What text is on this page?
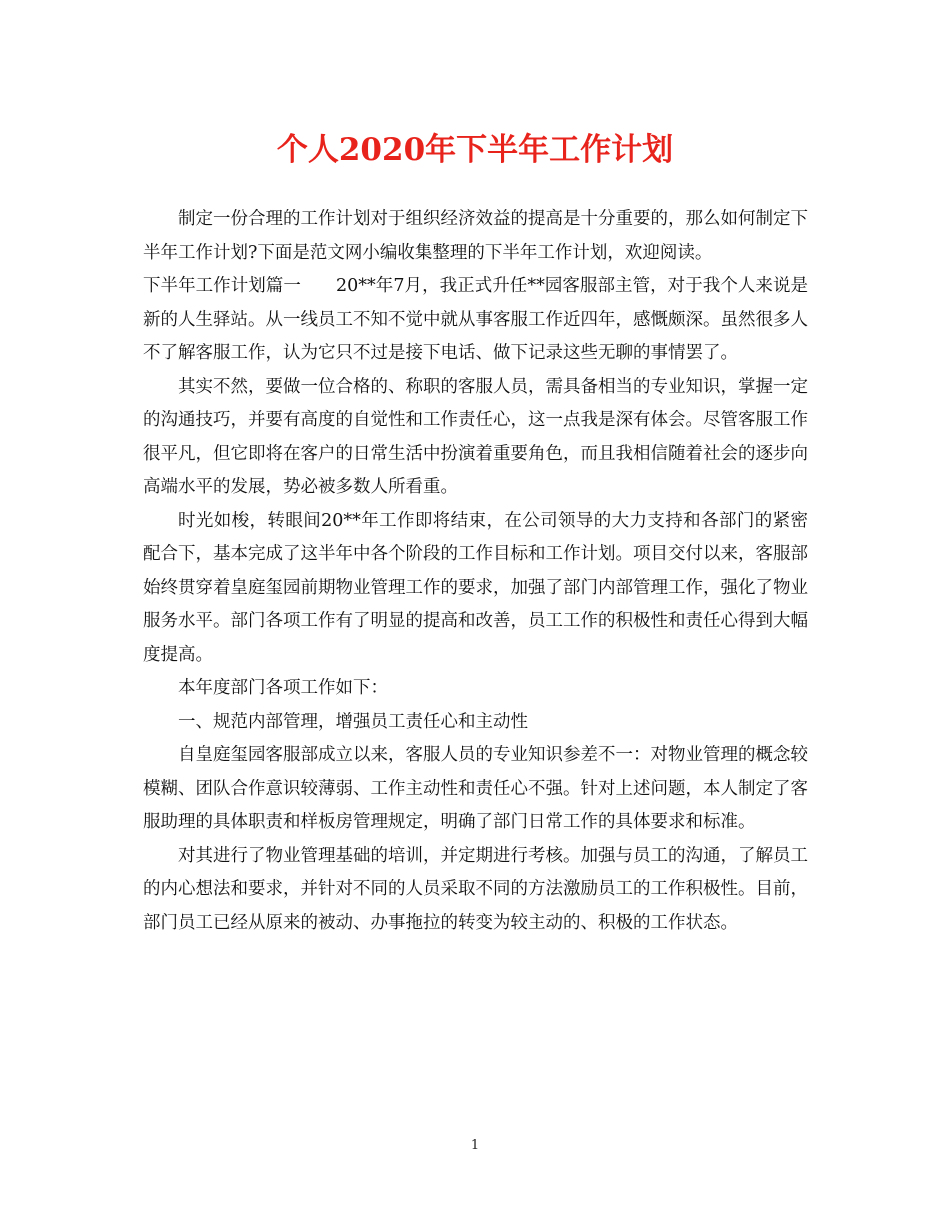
个人2020年下半年工作计划

制定一份合理的工作计划对于组织经济效益的提高是十分重要的，那么如何制定下半年工作计划?下面是范文网小编收集整理的下半年工作计划，欢迎阅读。

下半年工作计划篇一　　20**年7月，我正式升任**园客服部主管，对于我个人来说是新的人生驿站。从一线员工不知不觉中就从事客服工作近四年，感慨颇深。虽然很多人不了解客服工作，认为它只不过是接下电话、做下记录这些无聊的事情罢了。

其实不然，要做一位合格的、称职的客服人员，需具备相当的专业知识，掌握一定的沟通技巧，并要有高度的自觉性和工作责任心，这一点我是深有体会。尽管客服工作很平凡，但它即将在客户的日常生活中扮演着重要角色，而且我相信随着社会的逐步向高端水平的发展，势必被多数人所看重。

时光如梭，转眼间20**年工作即将结束，在公司领导的大力支持和各部门的紧密配合下，基本完成了这半年中各个阶段的工作目标和工作计划。项目交付以来，客服部始终贯穿着皇庭玺园前期物业管理工作的要求，加强了部门内部管理工作，强化了物业服务水平。部门各项工作有了明显的提高和改善，员工工作的积极性和责任心得到大幅度提高。

本年度部门各项工作如下：

一、规范内部管理，增强员工责任心和主动性

自皇庭玺园客服部成立以来，客服人员的专业知识参差不一：对物业管理的概念较模糊、团队合作意识较薄弱、工作主动性和责任心不强。针对上述问题，本人制定了客服助理的具体职责和样板房管理规定，明确了部门日常工作的具体要求和标准。

对其进行了物业管理基础的培训，并定期进行考核。加强与员工的沟通，了解员工的内心想法和要求，并针对不同的人员采取不同的方法激励员工的工作积极性。目前，部门员工已经从原来的被动、办事拖拉的转变为较主动的、积极的工作状态。

1
